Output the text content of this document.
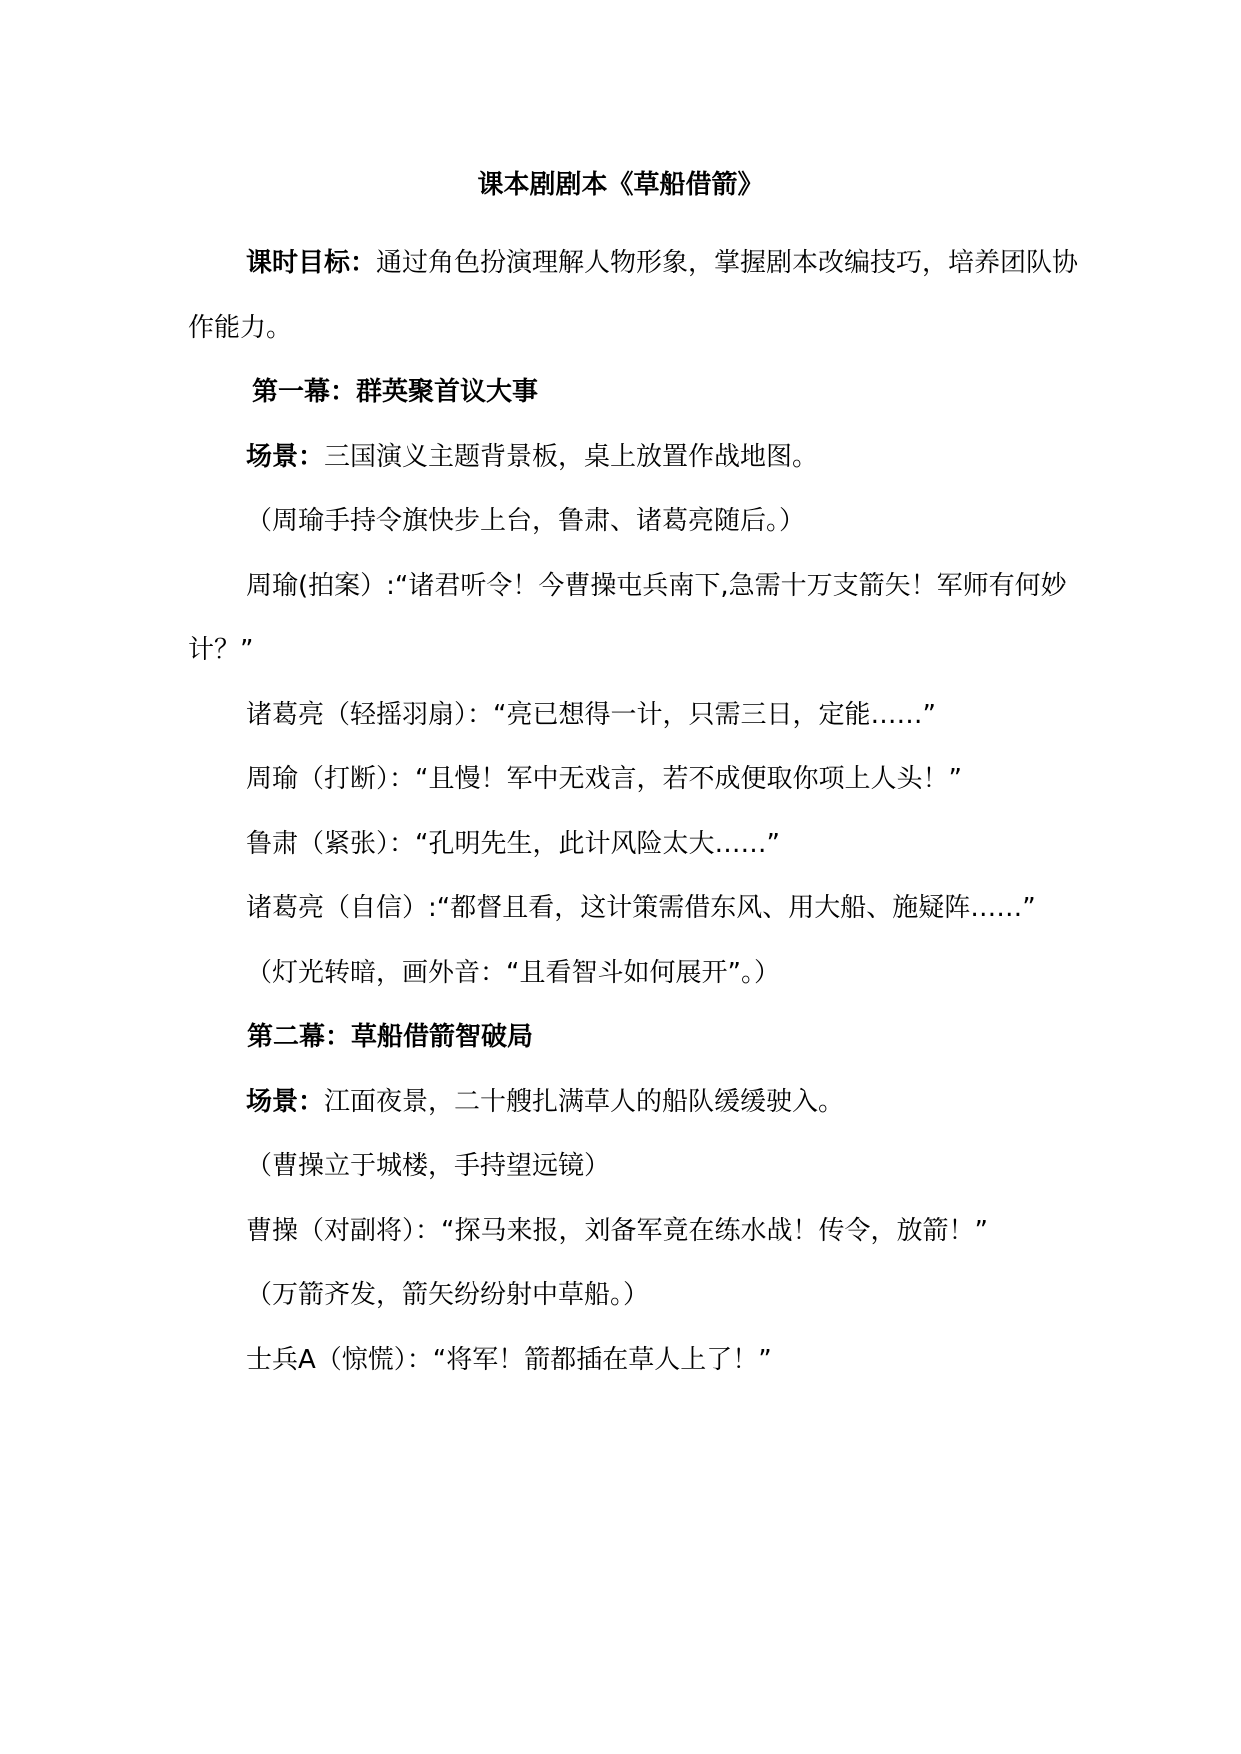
课本剧剧本《草船借箭》

课时目标：通过角色扮演理解人物形象，掌握剧本改编技巧，培养团队协作能力。

第一幕：群英聚首议大事

场景：三国演义主题背景板，桌上放置作战地图。

（周瑜手持令旗快步上台，鲁肃、诸葛亮随后。）

周瑜(拍案）:“诸君听令！今曹操屯兵南下,急需十万支箭矢！军师有何妙计？”

诸葛亮（轻摇羽扇）：“亮已想得一计，只需三日，定能……”

周瑜（打断）：“且慢！军中无戏言，若不成便取你项上人头！”

鲁肃（紧张）：“孔明先生，此计风险太大……”

诸葛亮（自信）:“都督且看，这计策需借东风、用大船、施疑阵……”

（灯光转暗，画外音：“且看智斗如何展开”。）

第二幕：草船借箭智破局

场景：江面夜景，二十艘扎满草人的船队缓缓驶入。

（曹操立于城楼，手持望远镜）

曹操（对副将）：“探马来报，刘备军竟在练水战！传令，放箭！”

（万箭齐发，箭矢纷纷射中草船。）

士兵A（惊慌）：“将军！箭都插在草人上了！”
